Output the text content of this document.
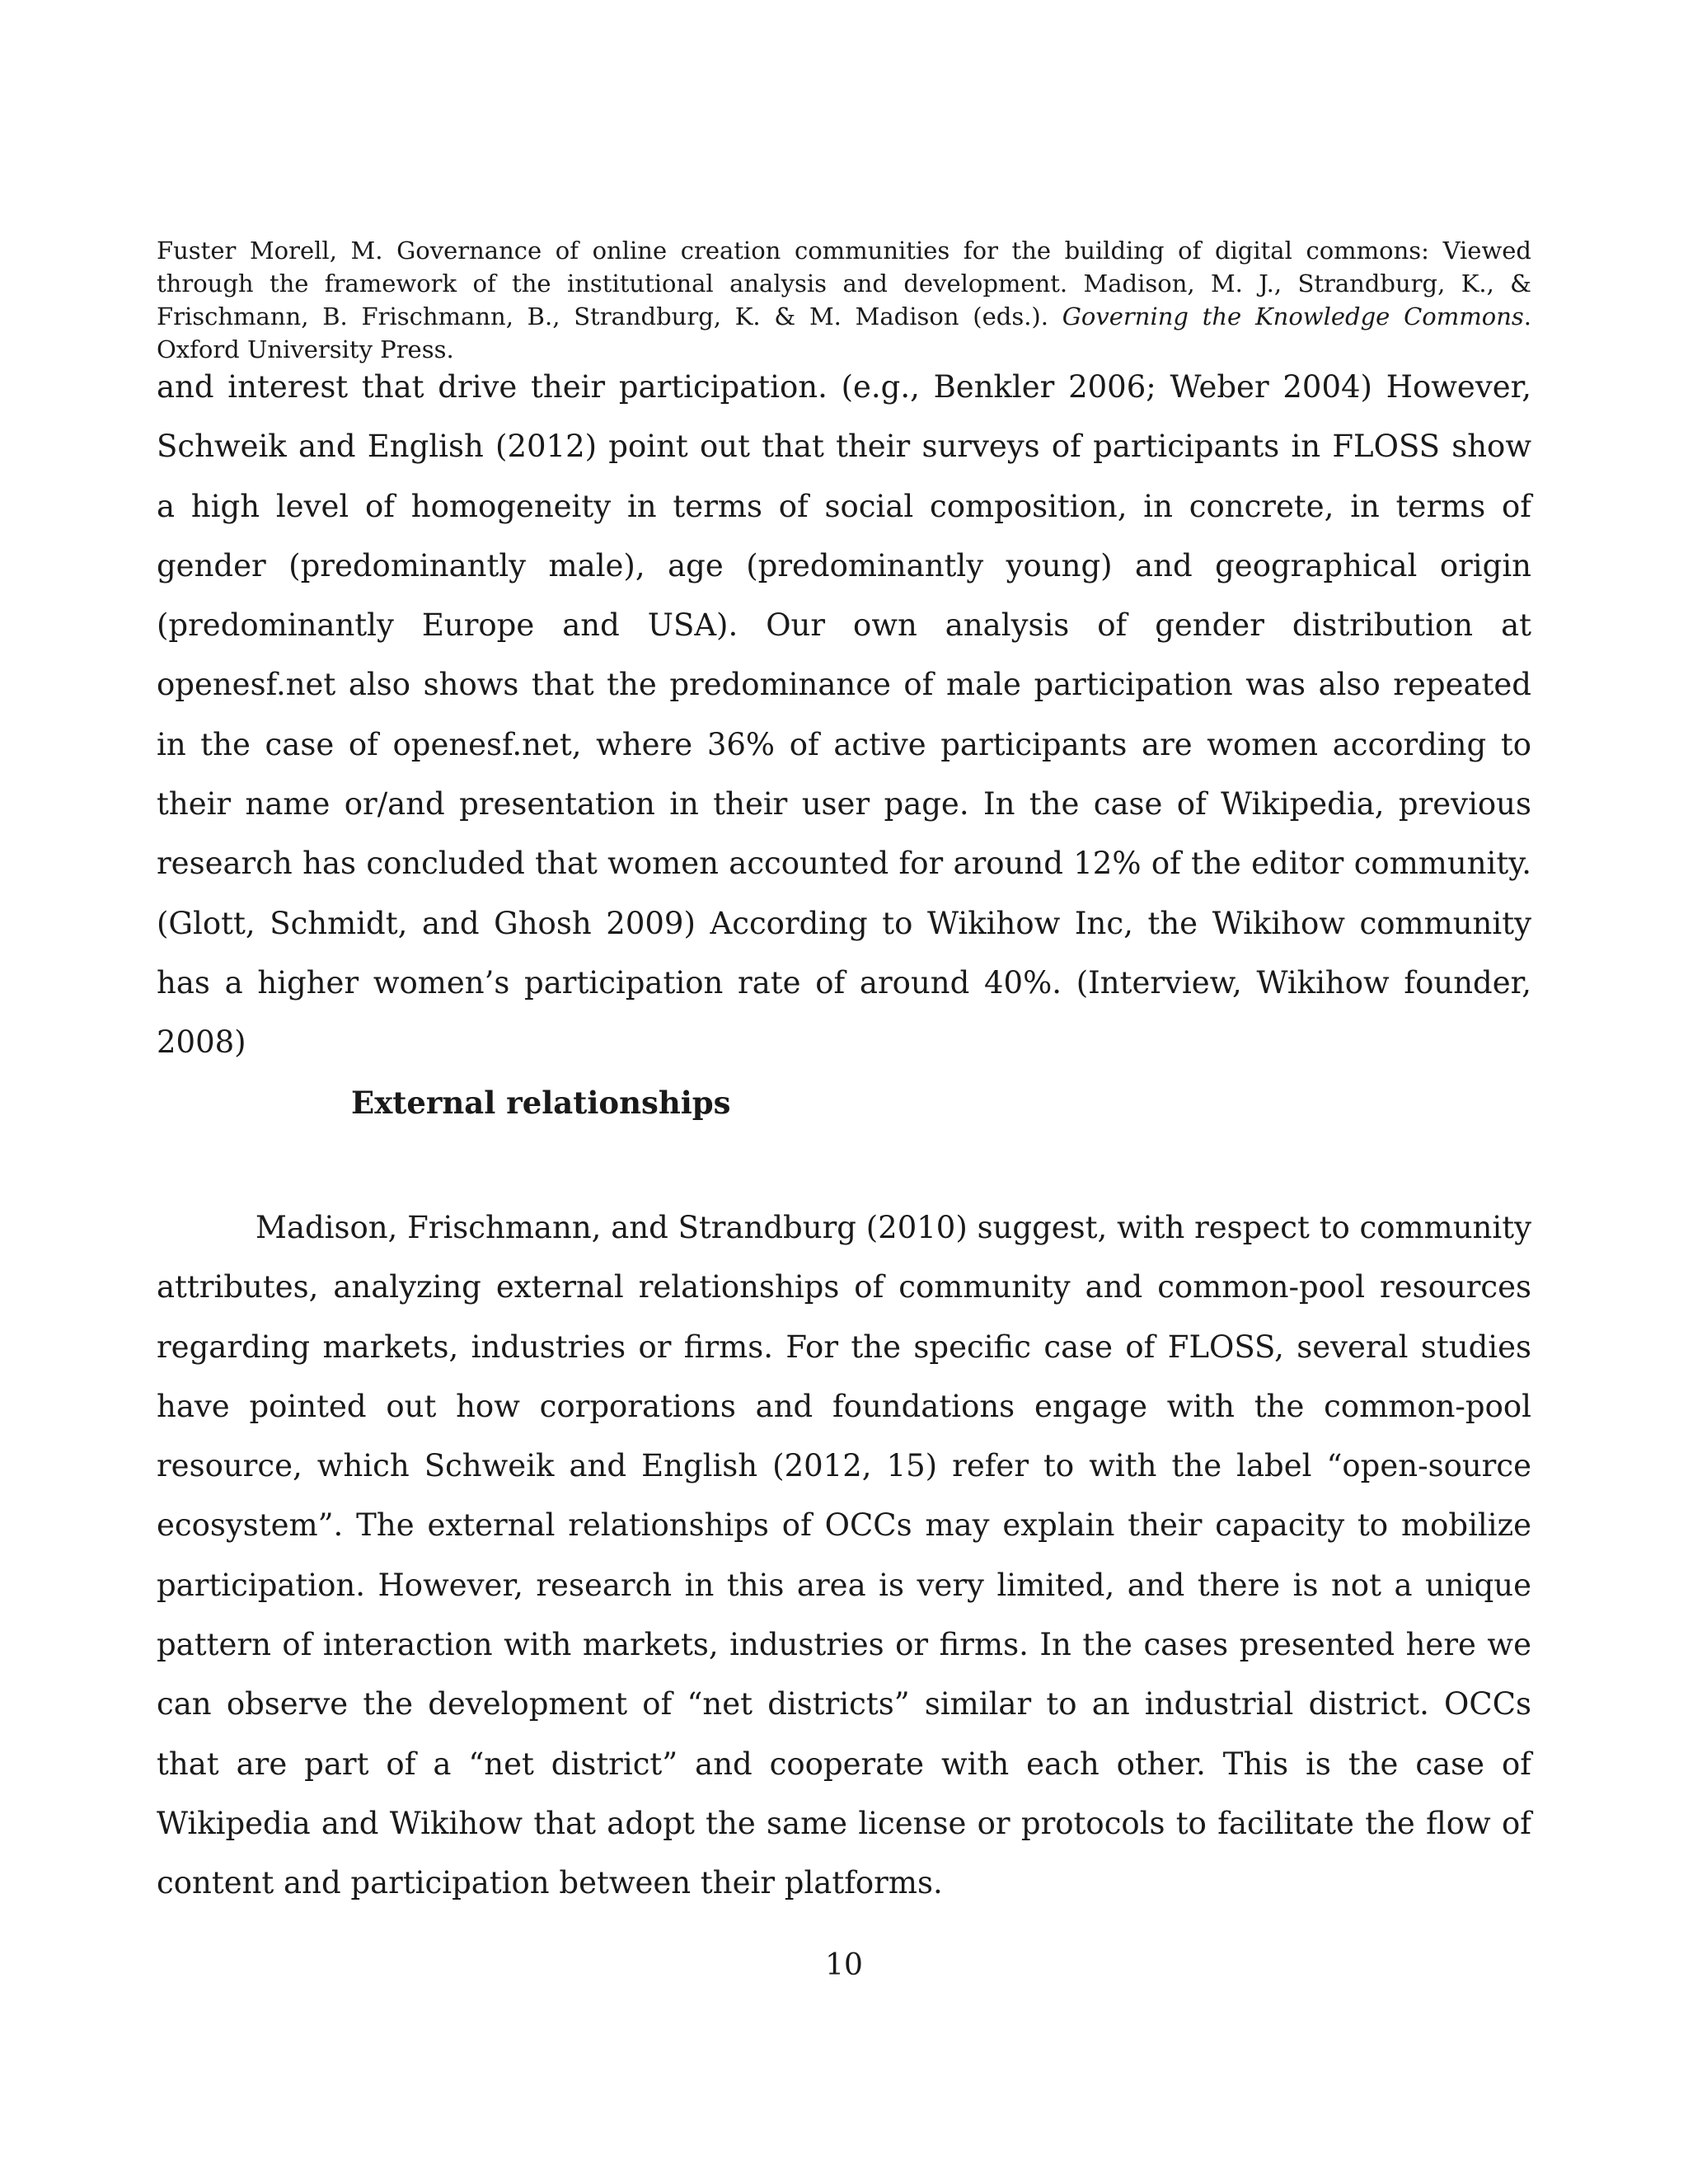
Fuster Morell, M. Governance of online creation communities for the building of digital commons: Viewed through the framework of the institutional analysis and development. Madison, M. J., Strandburg, K., & Frischmann, B. Frischmann, B., Strandburg, K. & M. Madison (eds.). Governing the Knowledge Commons. Oxford University Press.

and interest that drive their participation. (e.g., Benkler 2006; Weber 2004) However, Schweik and English (2012) point out that their surveys of participants in FLOSS show a high level of homogeneity in terms of social composition, in concrete, in terms of gender (predominantly male), age (predominantly young) and geographical origin (predominantly Europe and USA). Our own analysis of gender distribution at openesf.net also shows that the predominance of male participation was also repeated in the case of openesf.net, where 36% of active participants are women according to their name or/and presentation in their user page. In the case of Wikipedia, previous research has concluded that women accounted for around 12% of the editor community. (Glott, Schmidt, and Ghosh 2009) According to Wikihow Inc, the Wikihow community has a higher women’s participation rate of around 40%. (Interview, Wikihow founder, 2008)

External relationships

Madison, Frischmann, and Strandburg (2010) suggest, with respect to community attributes, analyzing external relationships of community and common-pool resources regarding markets, industries or firms. For the specific case of FLOSS, several studies have pointed out how corporations and foundations engage with the common-pool resource, which Schweik and English (2012, 15) refer to with the label “open-source ecosystem”. The external relationships of OCCs may explain their capacity to mobilize participation. However, research in this area is very limited, and there is not a unique pattern of interaction with markets, industries or firms. In the cases presented here we can observe the development of “net districts” similar to an industrial district. OCCs that are part of a “net district” and cooperate with each other. This is the case of Wikipedia and Wikihow that adopt the same license or protocols to facilitate the flow of content and participation between their platforms.

10
